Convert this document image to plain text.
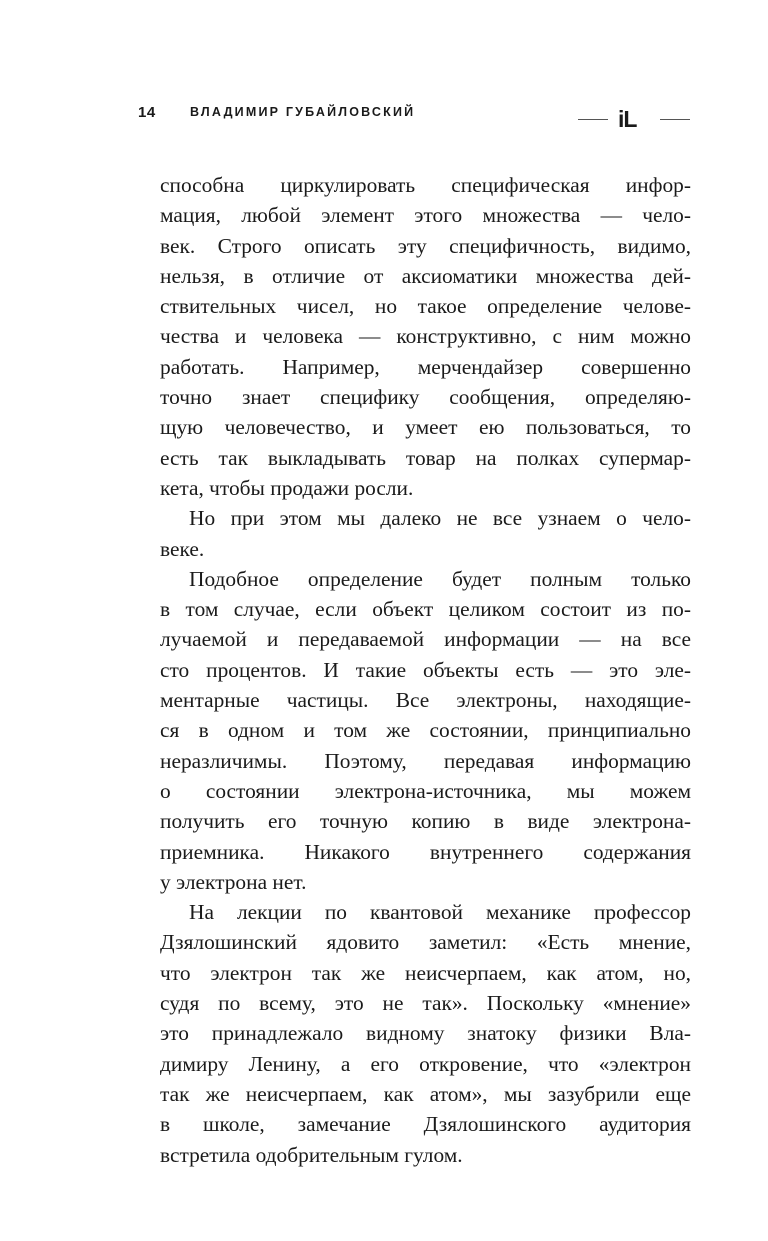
14	ВЛАДИМИР ГУБАЙЛОВСКИЙ	iL
способна циркулировать специфическая инфор-
мация, любой элемент этого множества — чело-
век. Строго описать эту специфичность, видимо,
нельзя, в отличие от аксиоматики множества дей-
ствительных чисел, но такое определение челове-
чества и человека — конструктивно, с ним можно
работать. Например, мерчендайзер совершенно
точно знает специфику сообщения, определяю-
щую человечество, и умеет ею пользоваться, то
есть так выкладывать товар на полках супермар-
кета, чтобы продажи росли.
Но при этом мы далеко не все узнаем о чело-
веке.
Подобное определение будет полным только
в том случае, если объект целиком состоит из по-
лучаемой и передаваемой информации — на все
сто процентов. И такие объекты есть — это эле-
ментарные частицы. Все электроны, находящие-
ся в одном и том же состоянии, принципиально
неразличимы. Поэтому, передавая информацию
о состоянии электрона-источника, мы можем
получить его точную копию в виде электрона-
приемника. Никакого внутреннего содержания
у электрона нет.
На лекции по квантовой механике профессор
Дзялошинский ядовито заметил: «Есть мнение,
что электрон так же неисчерпаем, как атом, но,
судя по всему, это не так». Поскольку «мнение»
это принадлежало видному знатоку физики Вла-
димиру Ленину, а его откровение, что «электрон
так же неисчерпаем, как атом», мы зазубрили еще
в школе, замечание Дзялошинского аудитория
встретила одобрительным гулом.
